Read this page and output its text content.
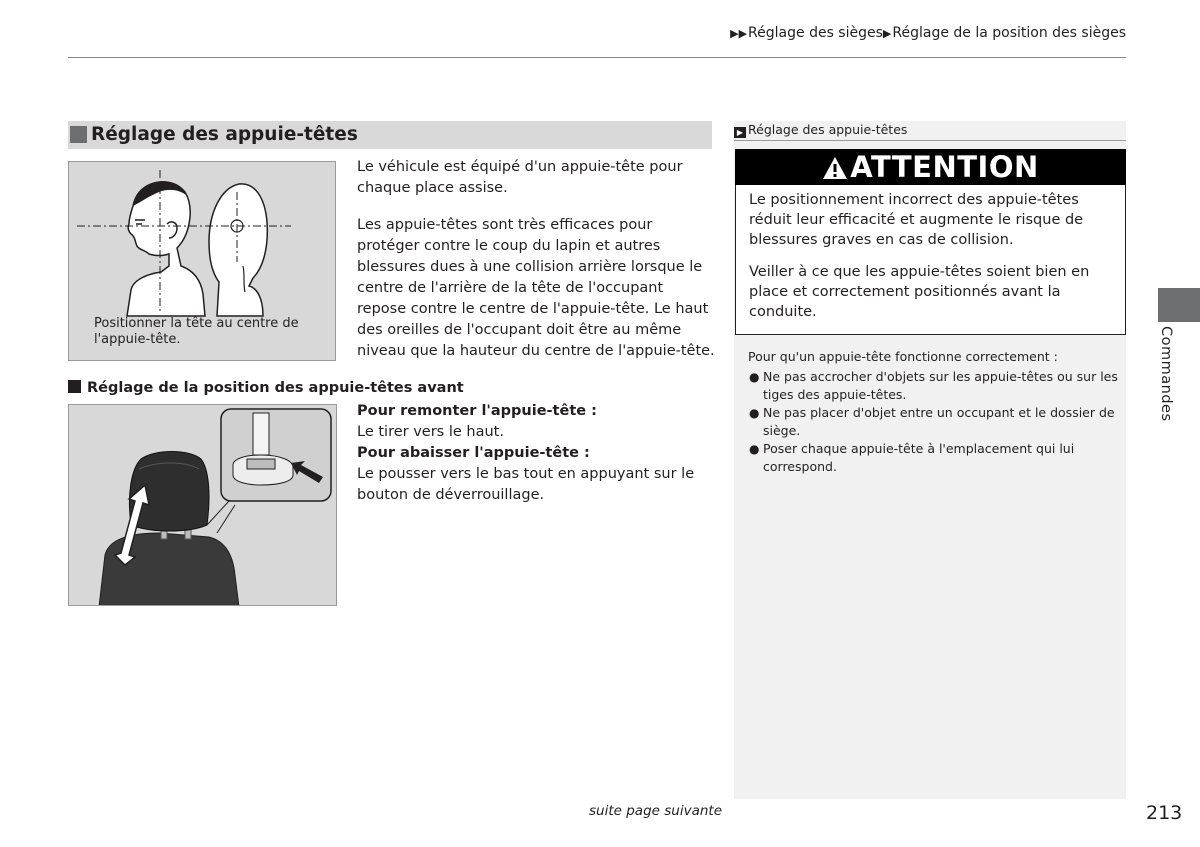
▶▶Réglage des sièges▶Réglage de la position des sièges
Réglage des appuie-têtes
Positionner la tête au centre de l'appuie-tête.
Le véhicule est équipé d'un appuie-tête pour chaque place assise.
Les appuie-têtes sont très efficaces pour protéger contre le coup du lapin et autres blessures dues à une collision arrière lorsque le centre de l'arrière de la tête de l'occupant repose contre le centre de l'appuie-tête. Le haut des oreilles de l'occupant doit être au même niveau que la hauteur du centre de l'appuie-tête.
Réglage de la position des appuie-têtes avant
Pour remonter l'appuie-tête :
Le tirer vers le haut.
Pour abaisser l'appuie-tête :
Le pousser vers le bas tout en appuyant sur le bouton de déverrouillage.
▶ Réglage des appuie-têtes
ATTENTION

Le positionnement incorrect des appuie-têtes réduit leur efficacité et augmente le risque de blessures graves en cas de collision.

Veiller à ce que les appuie-têtes soient bien en place et correctement positionnés avant la conduite.

Pour qu'un appuie-tête fonctionne correctement :
● Ne pas accrocher d'objets sur les appuie-têtes ou sur les tiges des appuie-têtes.
● Ne pas placer d'objet entre un occupant et le dossier de siège.
● Poser chaque appuie-tête à l'emplacement qui lui correspond.
Commandes
suite page suivante	213
